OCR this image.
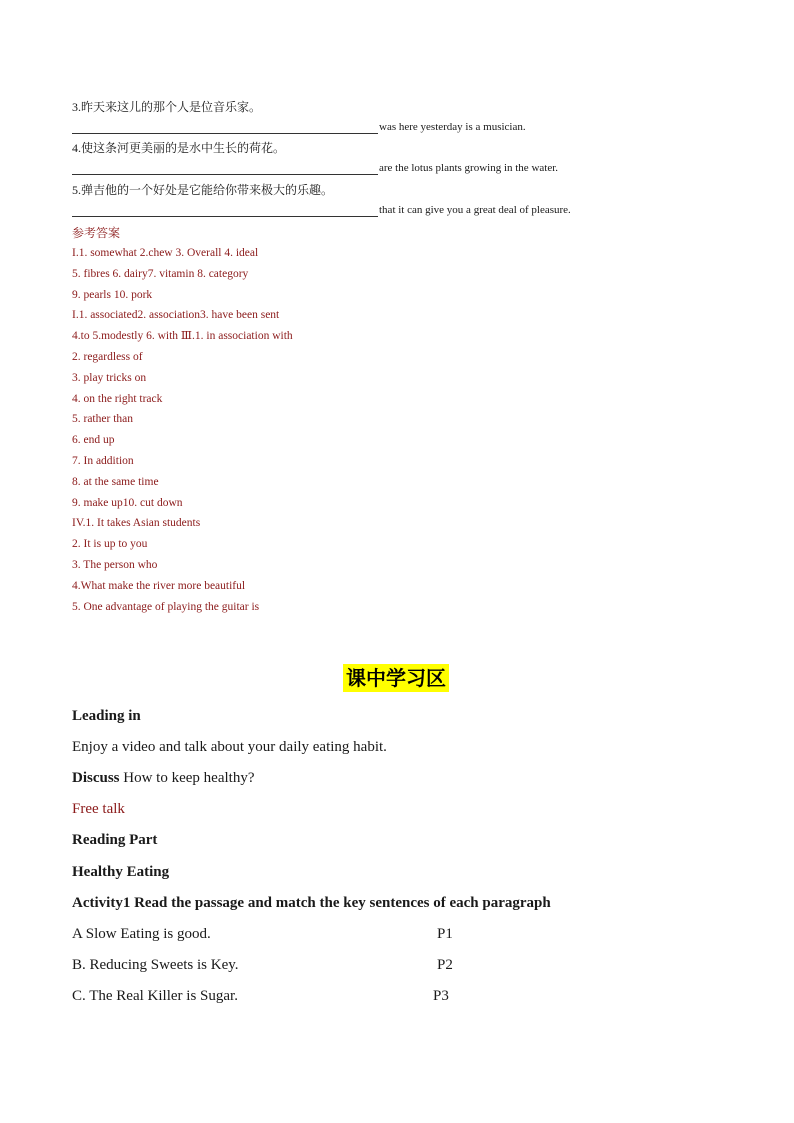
3.昨天来这儿的那个人是位音乐家。
was here yesterday is a musician.
4.使这条河更美丽的是水中生长的荷花。
are the lotus plants growing in the water.
5.弹吉他的一个好处是它能给你带来极大的乐趣。
that it can give you a great deal of pleasure.
参考答案
I.1. somewhat 2.chew 3. Overall 4. ideal
5. fibres 6. dairy7. vitamin 8. category
9. pearls 10. pork
I.1. associated2. association3. have been sent
4.to 5.modestly 6. with Ⅲ.1. in association with
2. regardless of
3. play tricks on
4. on the right track
5. rather than
6. end up
7. In addition
8. at the same time
9. make up10. cut down
IV.1. It takes Asian students
2. It is up to you
3. The person who
4.What make the river more beautiful
5. One advantage of playing the guitar is
课中学习区
Leading in
Enjoy a video and talk about your daily eating habit.
Discuss How to keep healthy?
Free talk
Reading Part
Healthy Eating
Activity1 Read the passage and match the key sentences of each paragraph
A Slow Eating is good.	P1
B. Reducing Sweets is Key.	P2
C. The Real Killer is Sugar.	P3
